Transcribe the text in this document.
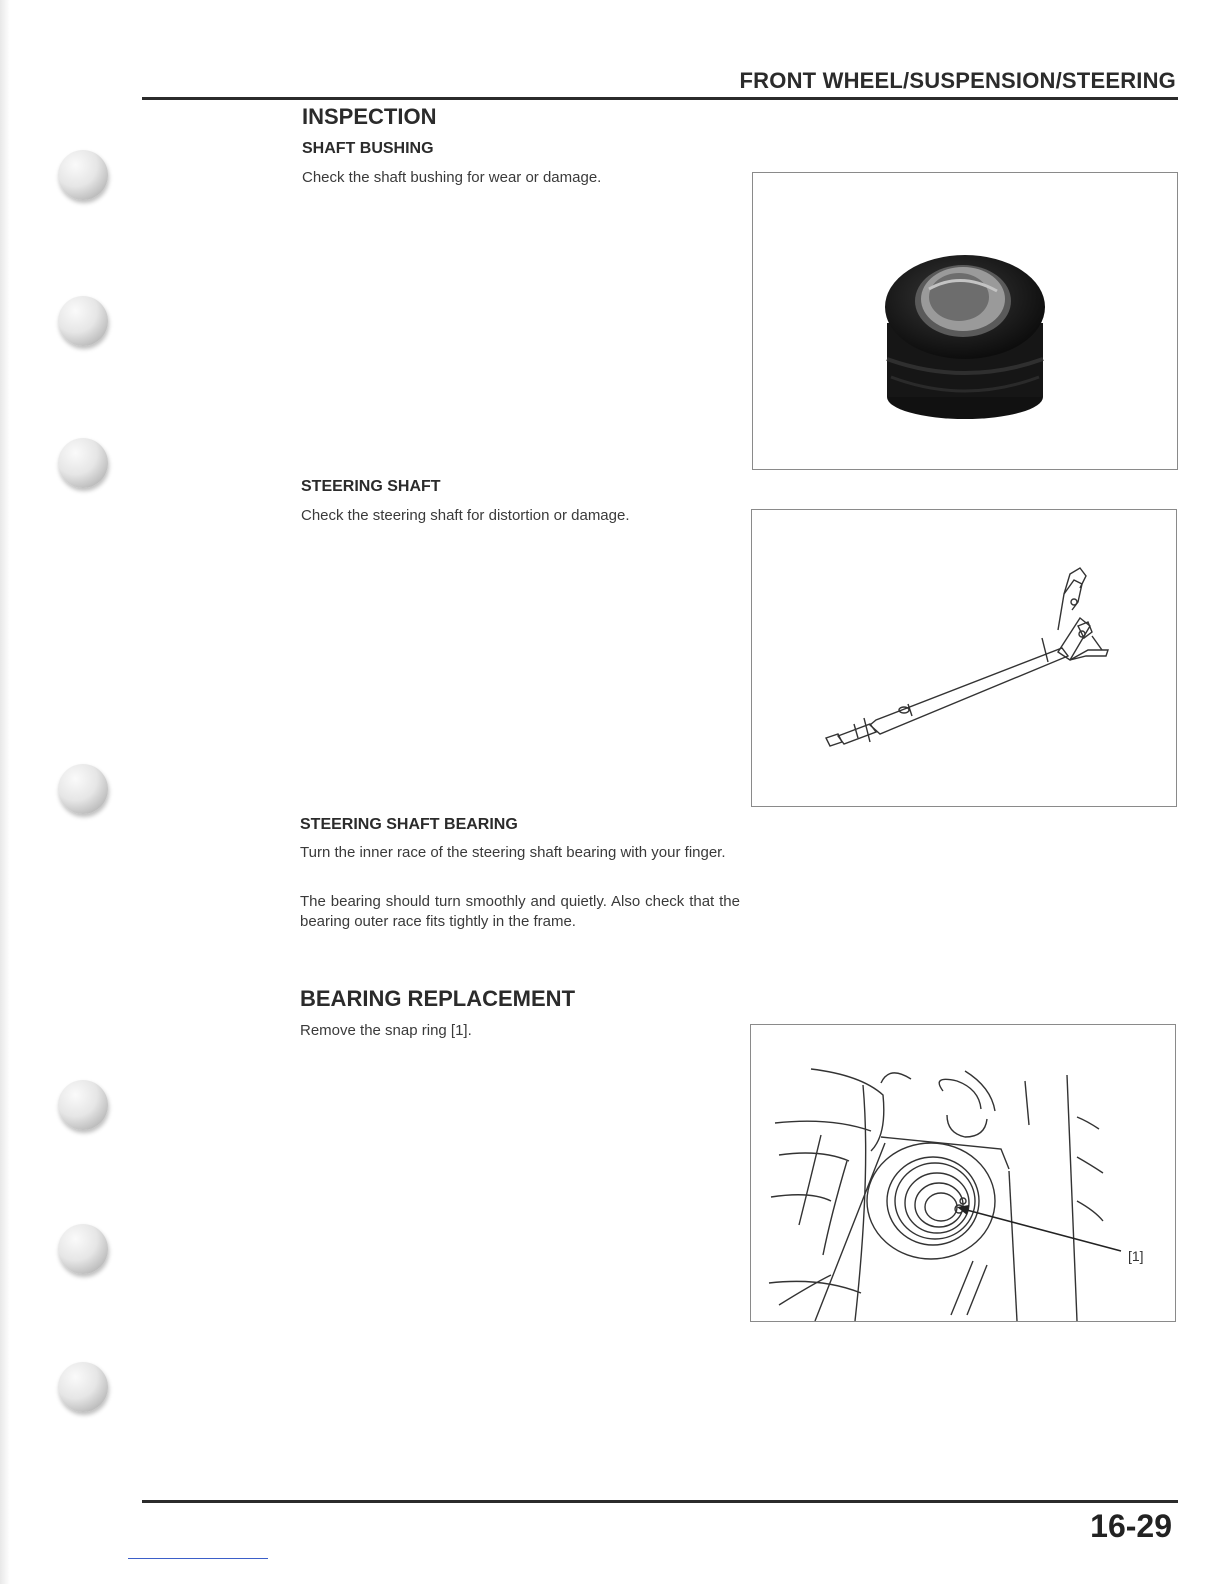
FRONT WHEEL/SUSPENSION/STEERING
INSPECTION
SHAFT BUSHING
Check the shaft bushing for wear or damage.
STEERING SHAFT
Check the steering shaft for distortion or damage.
STEERING SHAFT BEARING
Turn the inner race of the steering shaft bearing with your finger.
The bearing should turn smoothly and quietly. Also check that the bearing outer race fits tightly in the frame.
BEARING REPLACEMENT
Remove the snap ring [1].
[1]
16-29
